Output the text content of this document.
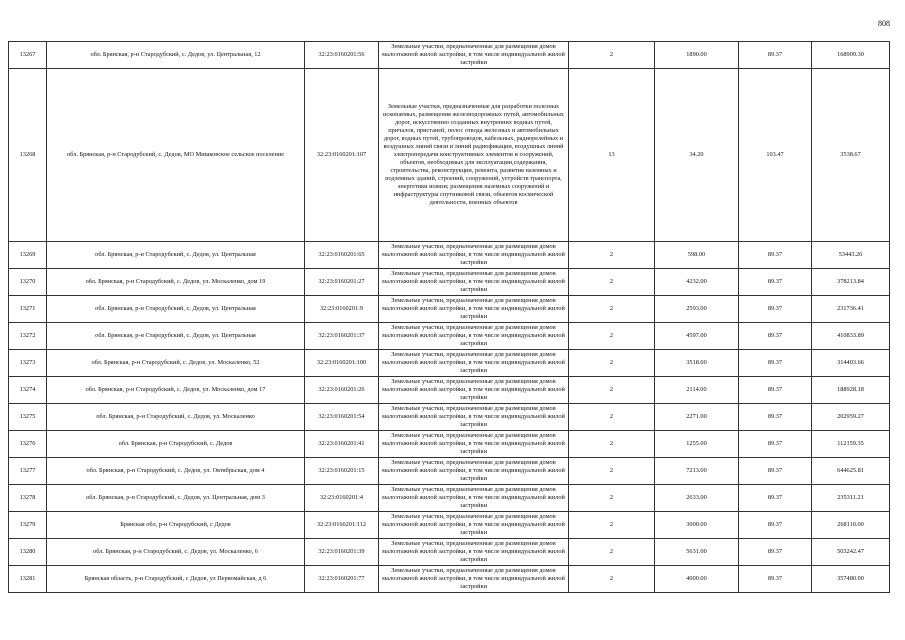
808
13267	обл. Брянская, р-н Стародубский, с. Дедов, ул. Центральная, 12	32:23:0160201:56	Земельные участки, предназначенные для размещения домов малоэтажной жилой застройки, в том числе индивидуальной жилой застройки	2	1890.00	89.37	168909.30
13268	обл. Брянская, р-н Стародубский, с. Дедов, МО Мишковское сельское поселение	32:23:0160201:107	Земельные участки, предназначенные для разработки полезных ископаемых, размещения железнодорожных путей, автомобильных дорог, искусственно созданных внутренних водных путей, причалов, пристаней, полос отвода железных и автомобильных дорог, водных путей, трубопроводов, кабельных, радиорелейных и воздушных линий связи и линий радиофикации, воздушных линий электропередачи конструктивных элементов и сооружений, объектов, необходимых для эксплуатации,содержания, строительства, реконструкции, ремонта, развития наземных и подземных зданий, строений, сооружений, устройств транспорта, энергетики исвязи; размещения наземных сооружений и инфраструктуры спутниковой связи, объектов космической деятельности, военных объектов	13	34.20	103.47	3538.67
13269	обл. Брянская, р-н Стародубский, с. Дедов, ул. Центральная	32:23:0160201:65	Земельные участки, предназначенные для размещения домов малоэтажной жилой застройки, в том числе индивидуальной жилой застройки	2	598.00	89.37	53443.26
13270	обл. Брянская, р-н Стародубский, с. Дедов, ул. Москаленко, дом 19	32:23:0160201:27	Земельные участки, предназначенные для размещения домов малоэтажной жилой застройки, в том числе индивидуальной жилой застройки	2	4232.00	89.37	378213.84
13271	обл. Брянская, р-н Стародубский, с. Дедов, ул. Центральная	32:23:0160201:9	Земельные участки, предназначенные для размещения домов малоэтажной жилой застройки, в том числе индивидуальной жилой застройки	2	2593.00	89.37	231736.41
13272	обл. Брянская, р-н Стародубский, с. Дедов, ул. Центральная	32:23:0160201:37	Земельные участки, предназначенные для размещения домов малоэтажной жилой застройки, в том числе индивидуальной жилой застройки	2	4597.00	89.37	410833.89
13273	обл. Брянская, р-н Стародубский, с. Дедов, ул. Москаленко, 52	32:23:0160201:100	Земельные участки, предназначенные для размещения домов малоэтажной жилой застройки, в том числе индивидуальной жилой застройки	2	3518.00	89.37	314403.66
13274	обл. Брянская, р-н Стародубский, с. Дедов, ул. Москаленко, дом 17	32:23:0160201:26	Земельные участки, предназначенные для размещения домов малоэтажной жилой застройки, в том числе индивидуальной жилой застройки	2	2114.00	89.37	188928.18
13275	обл. Брянская, р-н Стародубский, с. Дедов, ул. Москаленко	32:23:0160201:54	Земельные участки, предназначенные для размещения домов малоэтажной жилой застройки, в том числе индивидуальной жилой застройки	2	2271.00	89.37	202959.27
13276	обл. Брянская, р-н Стародубский, с. Дедов	32:23:0160201:41	Земельные участки, предназначенные для размещения домов малоэтажной жилой застройки, в том числе индивидуальной жилой застройки	2	1255.00	89.37	112159.35
13277	обл. Брянская, р-н Стародубский, с. Дедов, ул. Октябрьская, дом 4	32:23:0160201:15	Земельные участки, предназначенные для размещения домов малоэтажной жилой застройки, в том числе индивидуальной жилой застройки	2	7213.00	89.37	644625.81
13278	обл. Брянская, р-н Стародубский, с. Дедов, ул. Центральная, дом 3	32:23:0160201:4	Земельные участки, предназначенные для размещения домов малоэтажной жилой застройки, в том числе индивидуальной жилой застройки	2	2633.00	89.37	235311.21
13279	Брянская обл, р-н Стародубский, с Дедов	32:23:0160201:112	Земельные участки, предназначенные для размещения домов малоэтажной жилой застройки, в том числе индивидуальной жилой застройки	2	3000.00	89.37	268110.00
13280	обл. Брянская, р-н Стародубский, с. Дедов, ул. Москаленко, 6	32:23:0160201:39	Земельные участки, предназначенные для размещения домов малоэтажной жилой застройки, в том числе индивидуальной жилой застройки	2	5631.00	89.37	503242.47
13281	Брянская область, р-н Стародубский, с Дедов, ул Первомайская, д 6	32:23:0160201:77	Земельные участки, предназначенные для размещения домов малоэтажной жилой застройки, в том числе индивидуальной жилой застройки	2	4000.00	89.37	357480.00
